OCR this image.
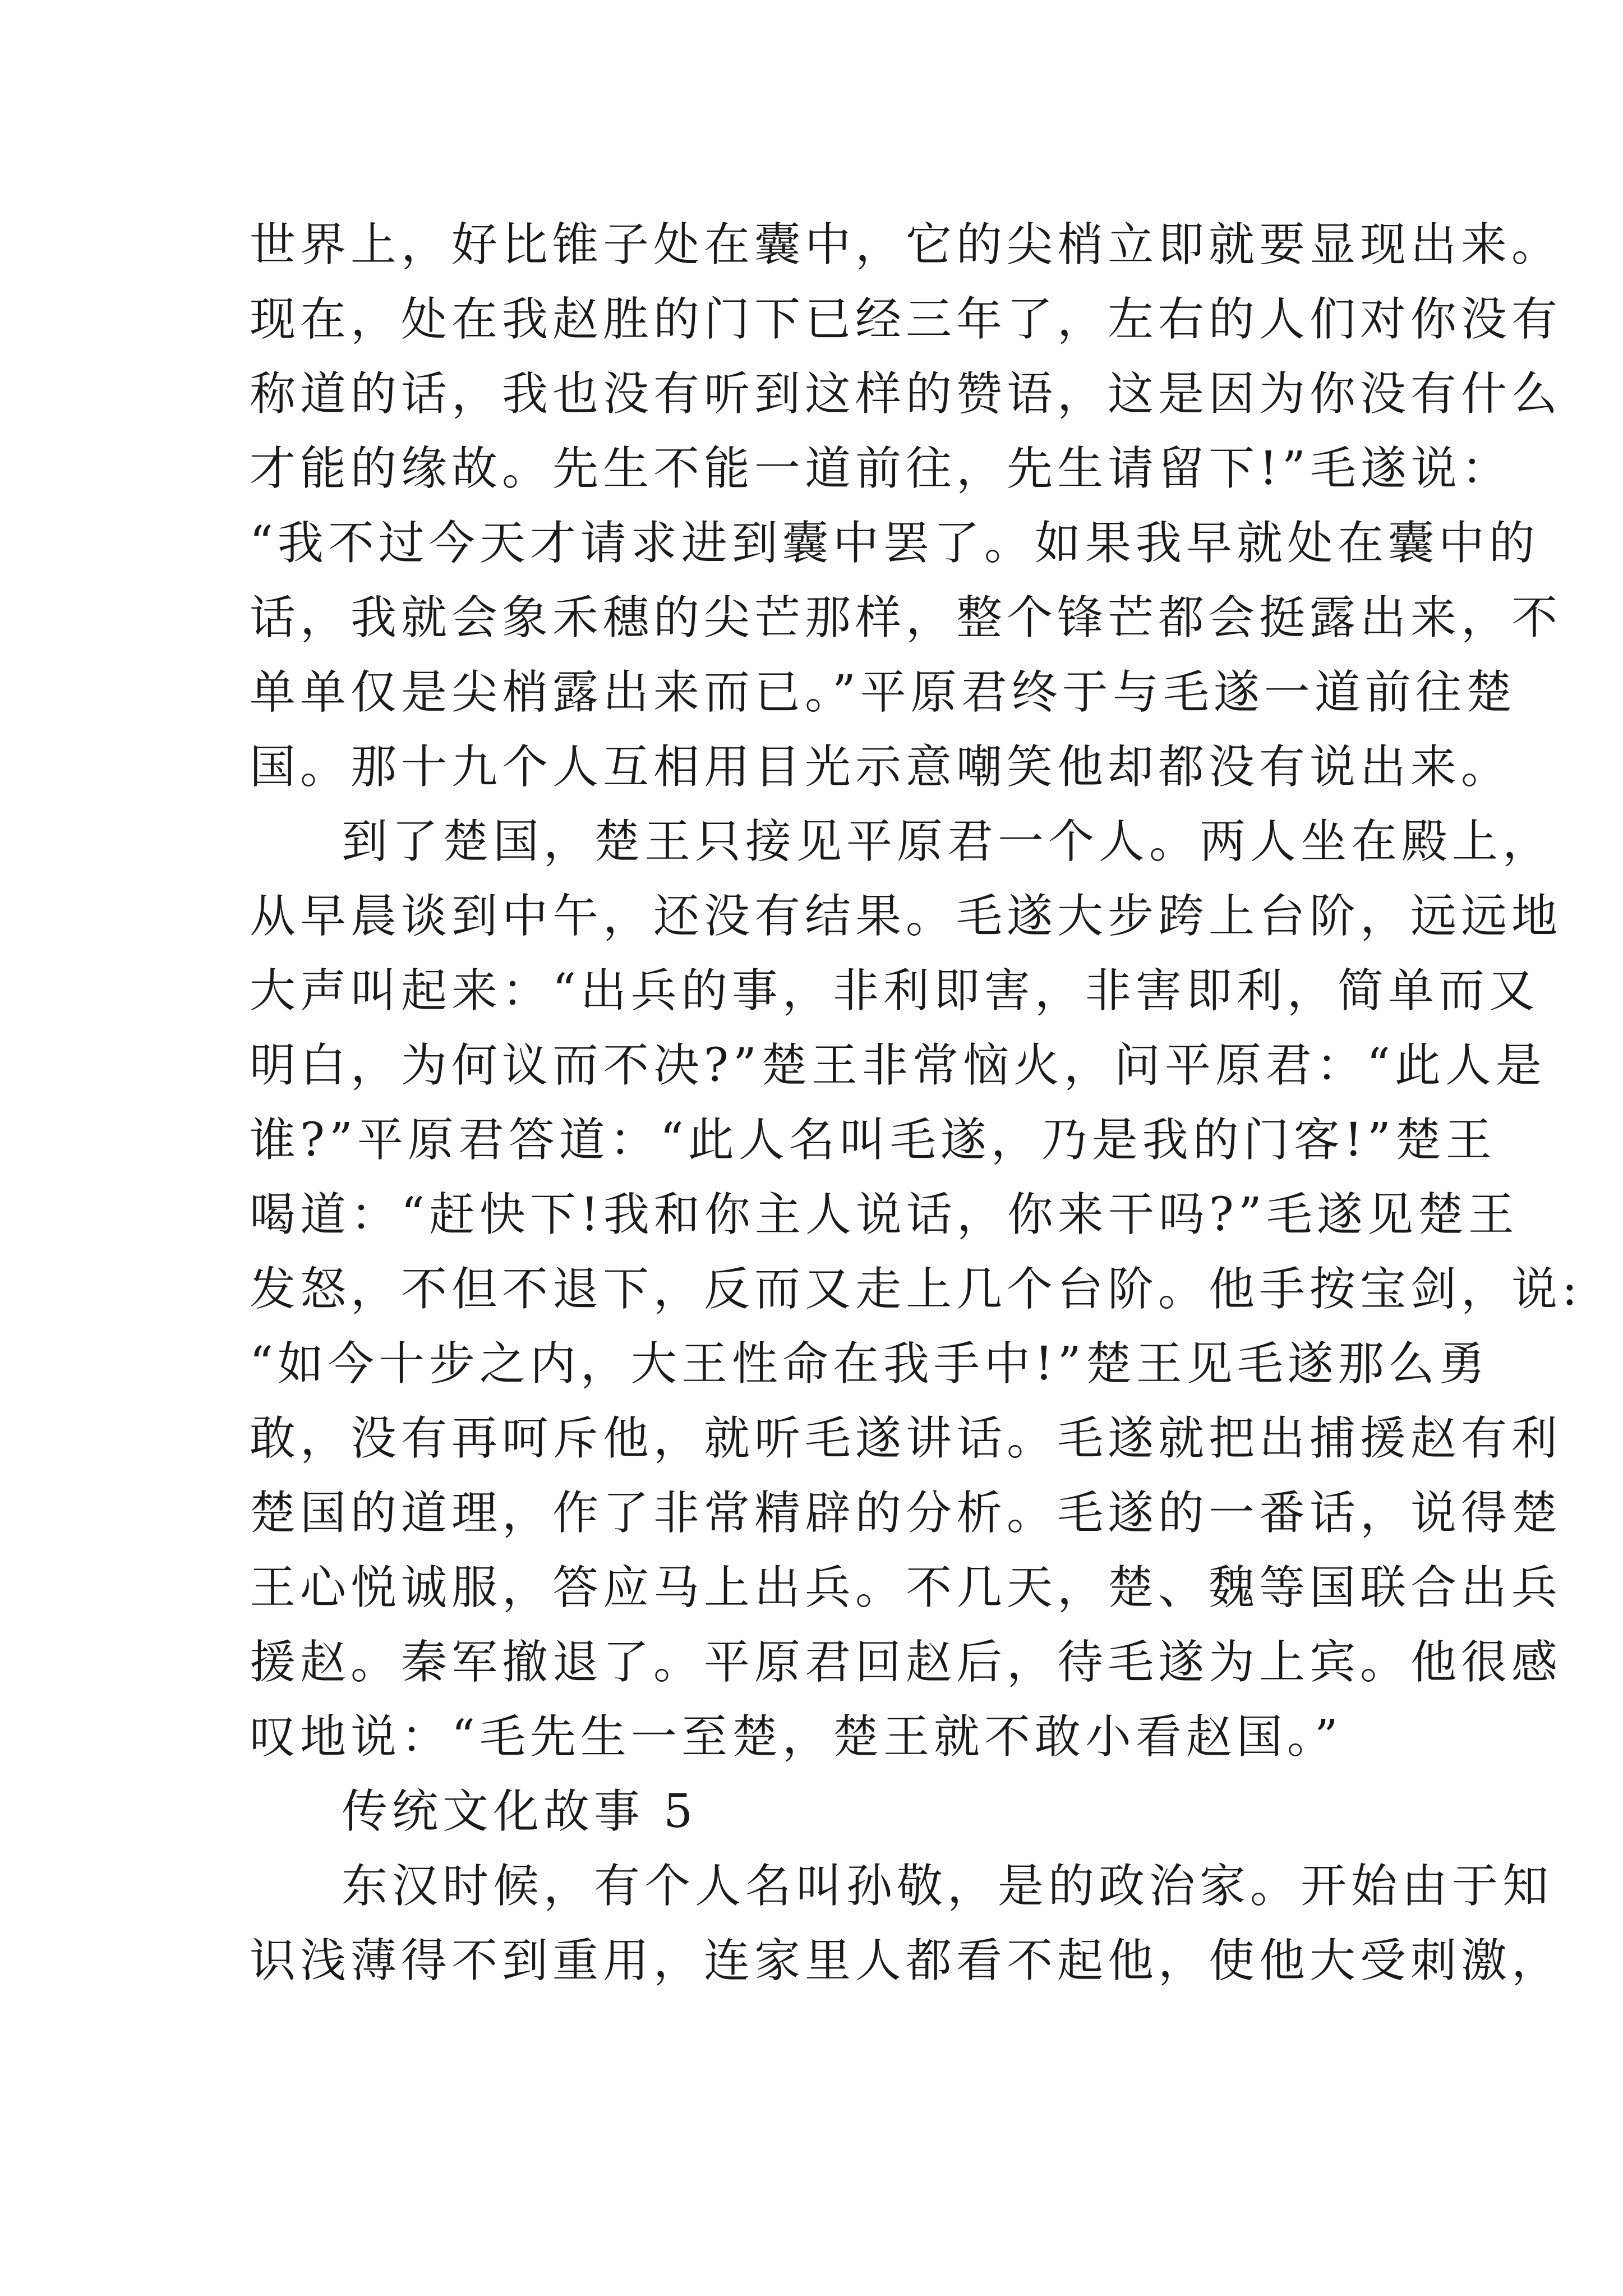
世界上，好比锥子处在囊中，它的尖梢立即就要显现出来。
现在，处在我赵胜的门下已经三年了，左右的人们对你没有
称道的话，我也没有听到这样的赞语，这是因为你没有什么
才能的缘故。先生不能一道前往，先生请留下!”毛遂说：
“我不过今天才请求进到囊中罢了。如果我早就处在囊中的
话，我就会象禾穗的尖芒那样，整个锋芒都会挺露出来，不
单单仅是尖梢露出来而已。”平原君终于与毛遂一道前往楚
国。那十九个人互相用目光示意嘲笑他却都没有说出来。
到了楚国，楚王只接见平原君一个人。两人坐在殿上，
从早晨谈到中午，还没有结果。毛遂大步跨上台阶，远远地
大声叫起来：“出兵的事，非利即害，非害即利，简单而又
明白，为何议而不决?”楚王非常恼火，问平原君：“此人是
谁?”平原君答道：“此人名叫毛遂，乃是我的门客!”楚王
喝道：“赶快下!我和你主人说话，你来干吗?”毛遂见楚王
发怒，不但不退下，反而又走上几个台阶。他手按宝剑，说:
“如今十步之内，大王性命在我手中!”楚王见毛遂那么勇
敢，没有再呵斥他，就听毛遂讲话。毛遂就把出捕援赵有利
楚国的道理，作了非常精辟的分析。毛遂的一番话，说得楚
王心悦诚服，答应马上出兵。不几天，楚、魏等国联合出兵
援赵。秦军撤退了。平原君回赵后，待毛遂为上宾。他很感
叹地说：“毛先生一至楚，楚王就不敢小看赵国。”
传统文化故事 5
东汉时候，有个人名叫孙敬，是的政治家。开始由于知
识浅薄得不到重用，连家里人都看不起他，使他大受刺激，
